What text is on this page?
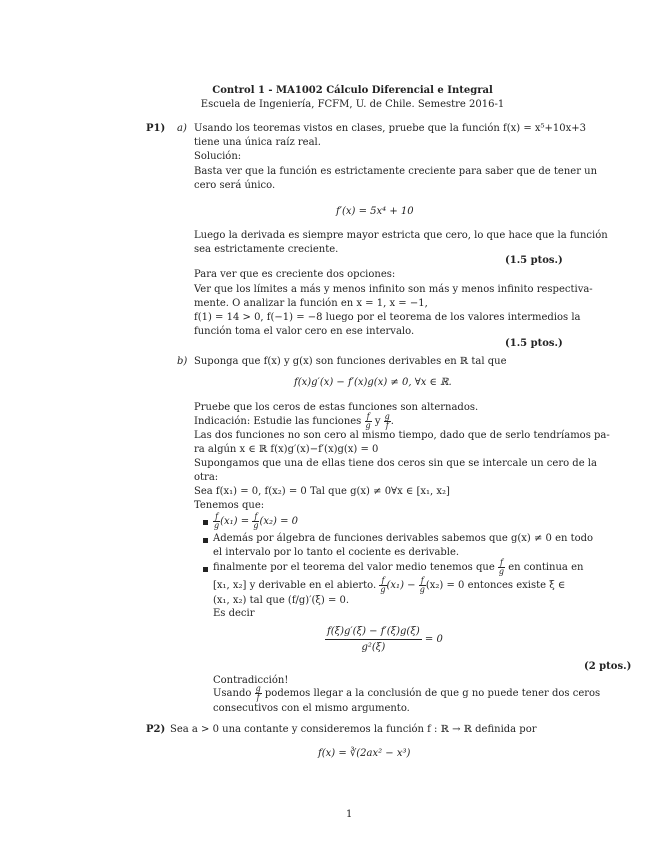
Control 1 - MA1002 Cálculo Diferencial e Integral
Escuela de Ingeniería, FCFM, U. de Chile. Semestre 2016-1
P1) a) Usando los teoremas vistos en clases, pruebe que la función f(x) = x⁵+10x+3
tiene una única raíz real.
Solución:
Basta ver que la función es estrictamente creciente para saber que de tener un
cero será único.
f′(x) = 5x⁴ + 10
Luego la derivada es siempre mayor estricta que cero, lo que hace que la función
sea estrictamente creciente.
(1.5 ptos.)
Para ver que es creciente dos opciones:
Ver que los límites a más y menos infinito son más y menos infinito respectiva-
mente. O analizar la función en x = 1, x = −1,
f(1) = 14 > 0, f(−1) = −8 luego por el teorema de los valores intermedios la
función toma el valor cero en ese intervalo.
(1.5 ptos.)
b) Suponga que f(x) y g(x) son funciones derivables en ℝ tal que
f(x)g′(x) − f′(x)g(x) ≠ 0, ∀x ∈ ℝ.
Pruebe que los ceros de estas funciones son alternados.
Indicación: Estudie las funciones $\frac{f}{g}$ y $\frac{g}{f}$ .
Las dos funciones no son cero al mismo tiempo, dado que de serlo tendríamos pa-
ra algún x ∈ ℝ f(x)g′(x)−f′(x)g(x) = 0
Supongamos que una de ellas tiene dos ceros sin que se intercale un cero de la
otra:
Sea f(x₁) = 0, f(x₂) = 0 Tal que g(x) ≠ 0∀x ∈ [x₁, x₂]
Tenemos que:
$\frac{f}{g} (x_1) = \frac{f}{g} (x_2) = 0$
Además por álgebra de funciones derivables sabemos que g(x) ≠ 0 en todo
el intervalo por lo tanto el cociente es derivable.
finalmente por el teorema del valor medio tenemos que $\frac{f}{g}$ en continua en
[x₁, x₂] y derivable en el abierto. $\frac{f}{g} (x_1) - \frac{f}{g} (x_2) = 0$ entonces existe ξ ∈
(x₁, x₂) tal que (f/g)′(ξ) = 0.
Es decir
$\frac{f(\xi)g'(\xi) - f'(\xi)g(\xi)}{\text{g²(ξ)}} = 0$
(2 ptos.)
Contradicción!
Usando $\frac{g}{f}$ podemos llegar a la conclusión de que g no puede tener dos ceros
consecutivos con el mismo argumento.
P2) Sea a > 0 una contante y consideremos la función f : ℝ → ℝ definida por
f(x) = ∛(2ax² − x³)
1
